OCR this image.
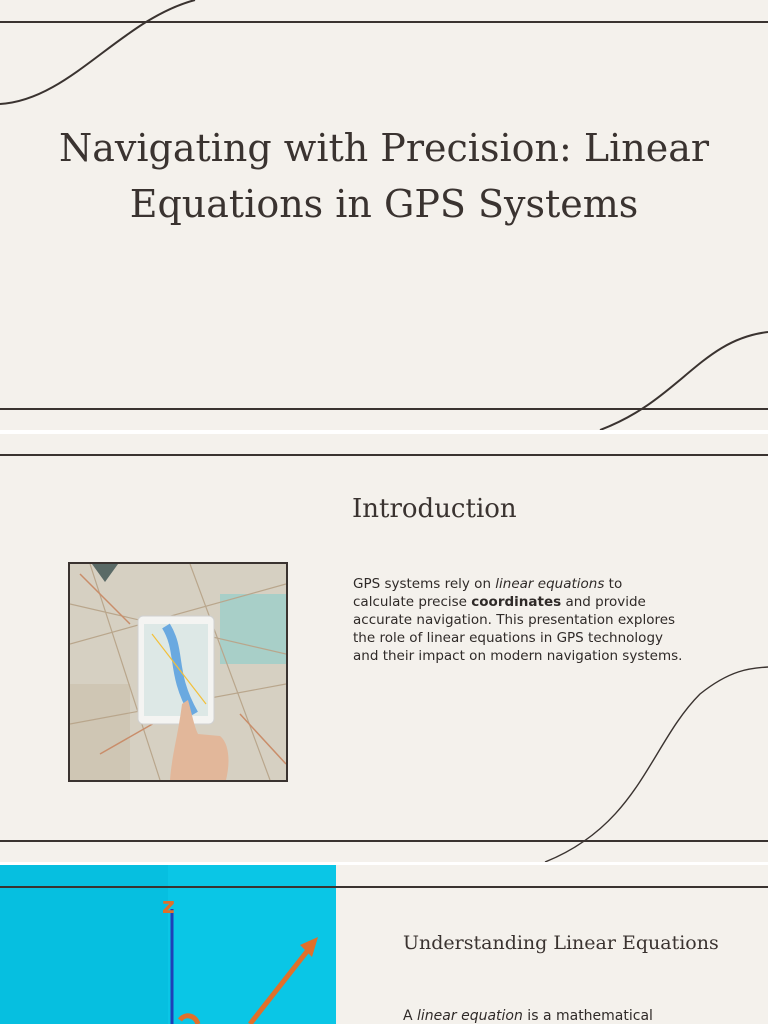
Navigating with Precision: Linear Equations in GPS Systems
Introduction

GPS systems rely on linear equations to calculate precise coordinates and provide accurate navigation. This presentation explores the role of linear equations in GPS technology and their impact on modern navigation systems.

z
Understanding Linear Equations

A linear equation is a mathematical
